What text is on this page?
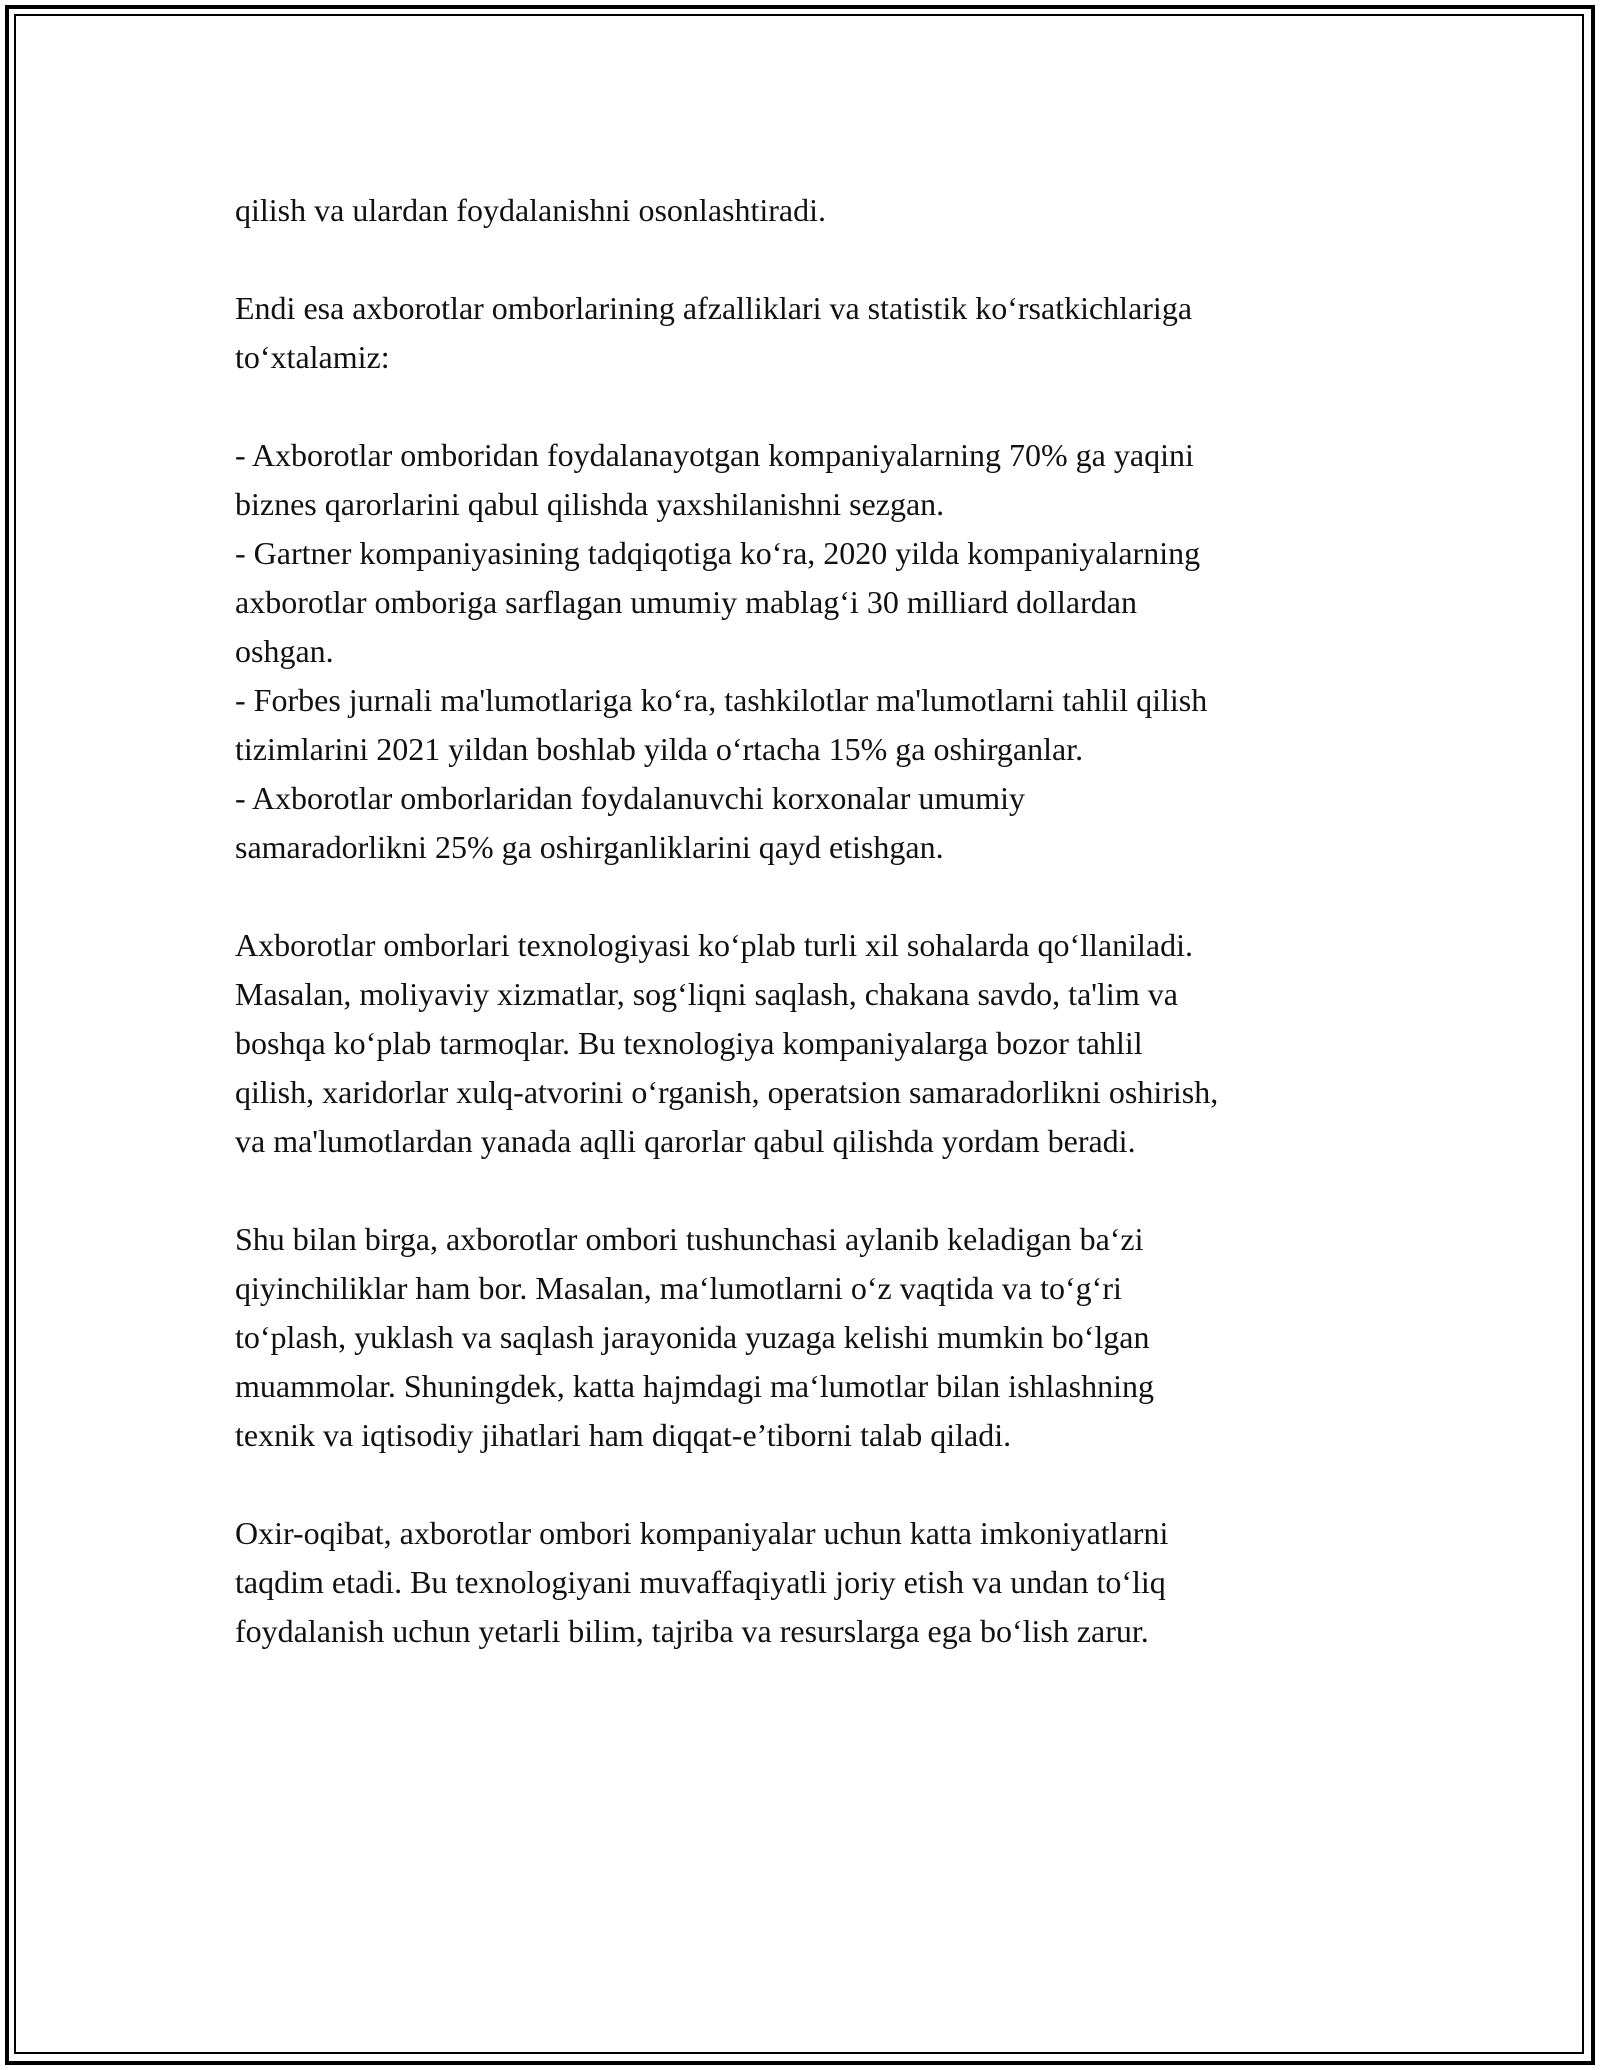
qilish va ulardan foydalanishni osonlashtiradi.

Endi esa axborotlar omborlarining afzalliklari va statistik ko‘rsatkichlariga
to‘xtalamiz:

- Axborotlar omboridan foydalanayotgan kompaniyalarning 70% ga yaqini
biznes qarorlarini qabul qilishda yaxshilanishni sezgan.
- Gartner kompaniyasining tadqiqotiga ko‘ra, 2020 yilda kompaniyalarning
axborotlar omboriga sarflagan umumiy mablag‘i 30 milliard dollardan
oshgan.
- Forbes jurnali ma'lumotlariga ko‘ra, tashkilotlar ma'lumotlarni tahlil qilish
tizimlarini 2021 yildan boshlab yilda o‘rtacha 15% ga oshirganlar.
- Axborotlar omborlaridan foydalanuvchi korxonalar umumiy
samaradorlikni 25% ga oshirganliklarini qayd etishgan.

Axborotlar omborlari texnologiyasi ko‘plab turli xil sohalarda qo‘llaniladi.
Masalan, moliyaviy xizmatlar, sog‘liqni saqlash, chakana savdo, ta'lim va
boshqa ko‘plab tarmoqlar. Bu texnologiya kompaniyalarga bozor tahlil
qilish, xaridorlar xulq-atvorini o‘rganish, operatsion samaradorlikni oshirish,
va ma'lumotlardan yanada aqlli qarorlar qabul qilishda yordam beradi.

Shu bilan birga, axborotlar ombori tushunchasi aylanib keladigan ba‘zi
qiyinchiliklar ham bor. Masalan, ma‘lumotlarni o‘z vaqtida va to‘g‘ri
to‘plash, yuklash va saqlash jarayonida yuzaga kelishi mumkin bo‘lgan
muammolar. Shuningdek, katta hajmdagi ma‘lumotlar bilan ishlashning
texnik va iqtisodiy jihatlari ham diqqat-e’tiborni talab qiladi.

Oxir-oqibat, axborotlar ombori kompaniyalar uchun katta imkoniyatlarni
taqdim etadi. Bu texnologiyani muvaffaqiyatli joriy etish va undan to‘liq
foydalanish uchun yetarli bilim, tajriba va resurslarga ega bo‘lish zarur.
